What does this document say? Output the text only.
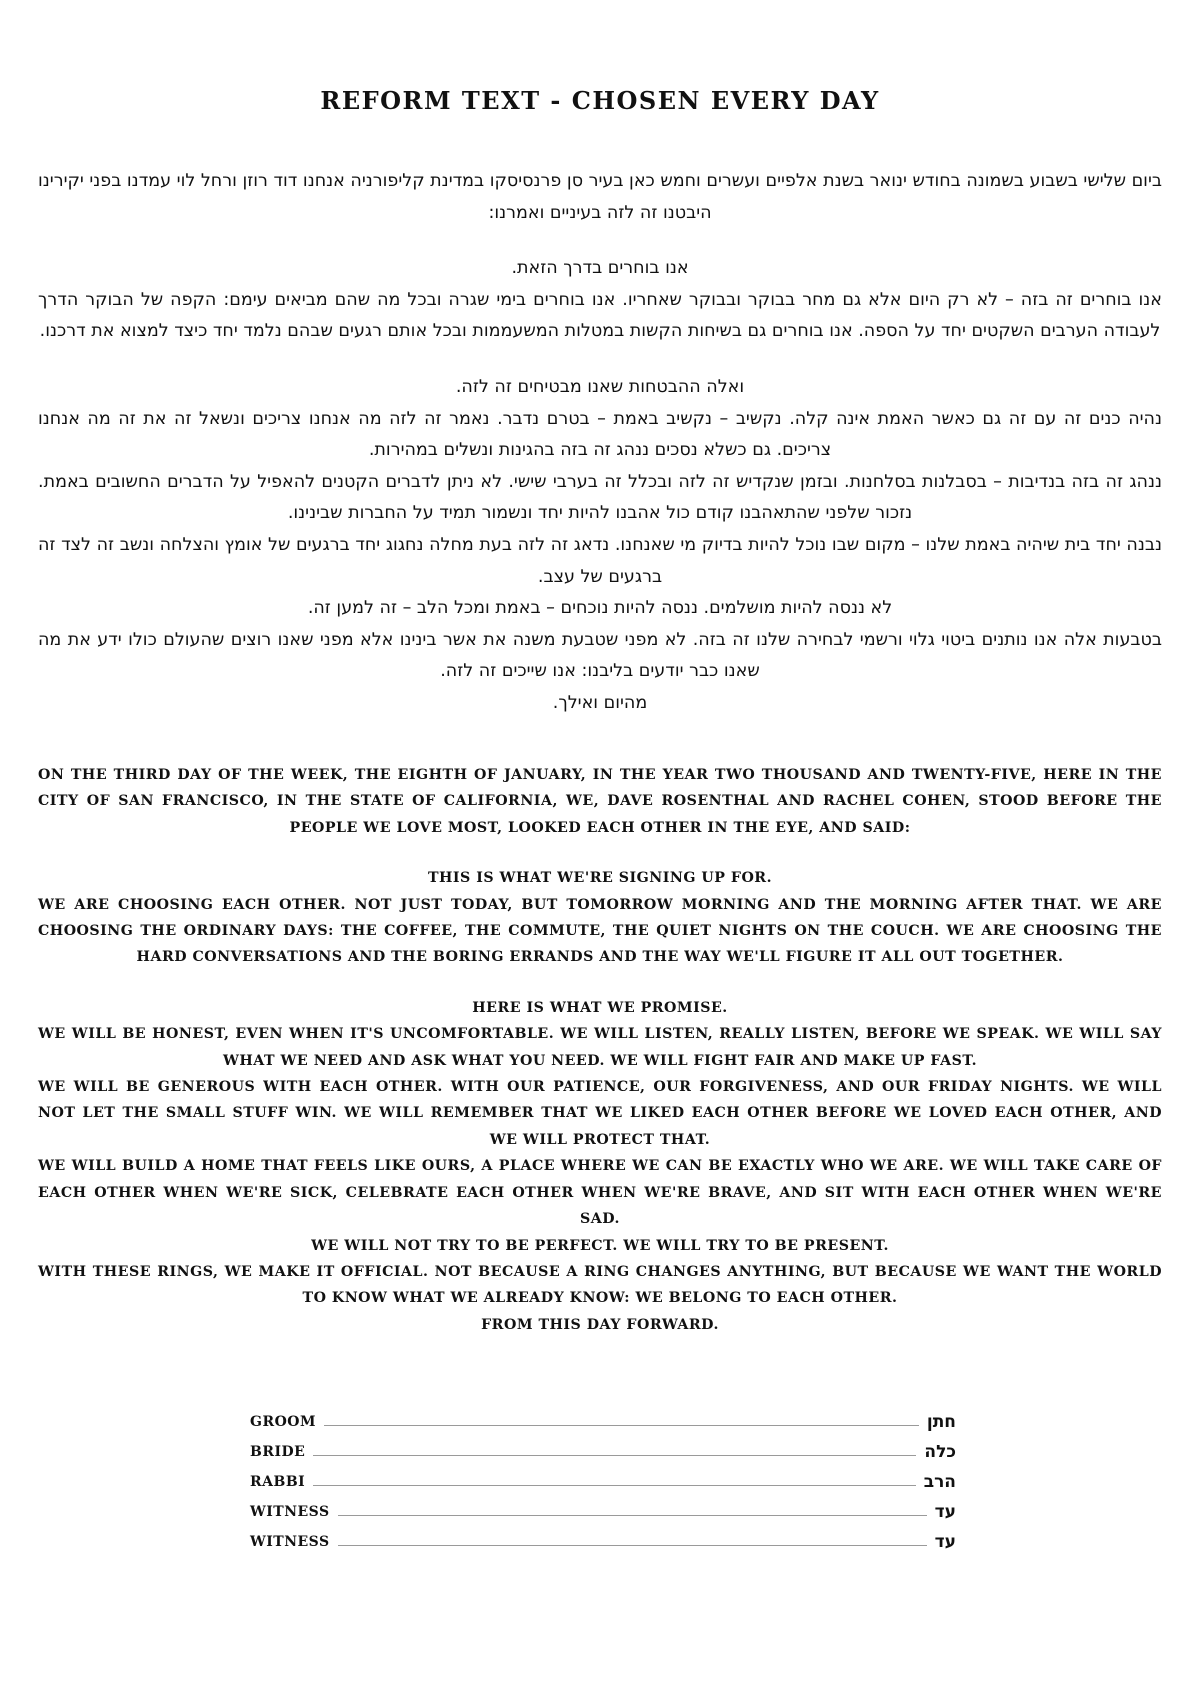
REFORM TEXT - CHOSEN EVERY DAY

ביום שלישי בשבוע בשמונה בחודש ינואר בשנת אלפיים ועשרים וחמש כאן בעיר סן פרנסיסקו במדינת קליפורניה אנחנו דוד רוזן ורחל לוי עמדנו בפני יקירינו היבטנו זה לזה בעיניים ואמרנו:

אנו בוחרים בדרך הזאת.

אנו בוחרים זה בזה – לא רק היום אלא גם מחר בבוקר ובבוקר שאחריו. אנו בוחרים בימי שגרה ובכל מה שהם מביאים עימם: הקפה של הבוקר הדרך לעבודה הערבים השקטים יחד על הספה. אנו בוחרים גם בשיחות הקשות במטלות המשעממות ובכל אותם רגעים שבהם נלמד יחד כיצד למצוא את דרכנו.

ואלה ההבטחות שאנו מבטיחים זה לזה.

נהיה כנים זה עם זה גם כאשר האמת אינה קלה. נקשיב – נקשיב באמת – בטרם נדבר. נאמר זה לזה מה אנחנו צריכים ונשאל זה את זה מה אנחנו צריכים. גם כשלא נסכים ננהג זה בזה בהגינות ונשלים במהירות.

ננהג זה בזה בנדיבות – בסבלנות בסלחנות. ובזמן שנקדיש זה לזה ובכלל זה בערבי שישי. לא ניתן לדברים הקטנים להאפיל על הדברים החשובים באמת. נזכור שלפני שהתאהבנו קודם כול אהבנו להיות יחד ונשמור תמיד על החברות שבינינו.

נבנה יחד בית שיהיה באמת שלנו – מקום שבו נוכל להיות בדיוק מי שאנחנו. נדאג זה לזה בעת מחלה נחגוג יחד ברגעים של אומץ והצלחה ונשב זה לצד זה ברגעים של עצב.

לא ננסה להיות מושלמים. ננסה להיות נוכחים – באמת ומכל הלב – זה למען זה.

בטבעות אלה אנו נותנים ביטוי גלוי ורשמי לבחירה שלנו זה בזה. לא מפני שטבעת משנה את אשר בינינו אלא מפני שאנו רוצים שהעולם כולו ידע את מה שאנו כבר יודעים בליבנו: אנו שייכים זה לזה.

מהיום ואילך.

ON THE THIRD DAY OF THE WEEK, THE EIGHTH OF JANUARY, IN THE YEAR TWO THOUSAND AND TWENTY-FIVE, HERE IN THE CITY OF SAN FRANCISCO, IN THE STATE OF CALIFORNIA, WE, DAVE ROSENTHAL AND RACHEL COHEN, STOOD BEFORE THE PEOPLE WE LOVE MOST, LOOKED EACH OTHER IN THE EYE, AND SAID:

THIS IS WHAT WE'RE SIGNING UP FOR.

WE ARE CHOOSING EACH OTHER. NOT JUST TODAY, BUT TOMORROW MORNING AND THE MORNING AFTER THAT. WE ARE CHOOSING THE ORDINARY DAYS: THE COFFEE, THE COMMUTE, THE QUIET NIGHTS ON THE COUCH. WE ARE CHOOSING THE HARD CONVERSATIONS AND THE BORING ERRANDS AND THE WAY WE'LL FIGURE IT ALL OUT TOGETHER.

HERE IS WHAT WE PROMISE.

WE WILL BE HONEST, EVEN WHEN IT'S UNCOMFORTABLE. WE WILL LISTEN, REALLY LISTEN, BEFORE WE SPEAK. WE WILL SAY WHAT WE NEED AND ASK WHAT YOU NEED. WE WILL FIGHT FAIR AND MAKE UP FAST.

WE WILL BE GENEROUS WITH EACH OTHER. WITH OUR PATIENCE, OUR FORGIVENESS, AND OUR FRIDAY NIGHTS. WE WILL NOT LET THE SMALL STUFF WIN. WE WILL REMEMBER THAT WE LIKED EACH OTHER BEFORE WE LOVED EACH OTHER, AND WE WILL PROTECT THAT.

WE WILL BUILD A HOME THAT FEELS LIKE OURS, A PLACE WHERE WE CAN BE EXACTLY WHO WE ARE. WE WILL TAKE CARE OF EACH OTHER WHEN WE'RE SICK, CELEBRATE EACH OTHER WHEN WE'RE BRAVE, AND SIT WITH EACH OTHER WHEN WE'RE SAD.

WE WILL NOT TRY TO BE PERFECT. WE WILL TRY TO BE PRESENT.

WITH THESE RINGS, WE MAKE IT OFFICIAL. NOT BECAUSE A RING CHANGES ANYTHING, BUT BECAUSE WE WANT THE WORLD TO KNOW WHAT WE ALREADY KNOW: WE BELONG TO EACH OTHER.

FROM THIS DAY FORWARD.

GROOM	חתן
BRIDE	כלה
RABBI	הרב
WITNESS	עד
WITNESS	עד
